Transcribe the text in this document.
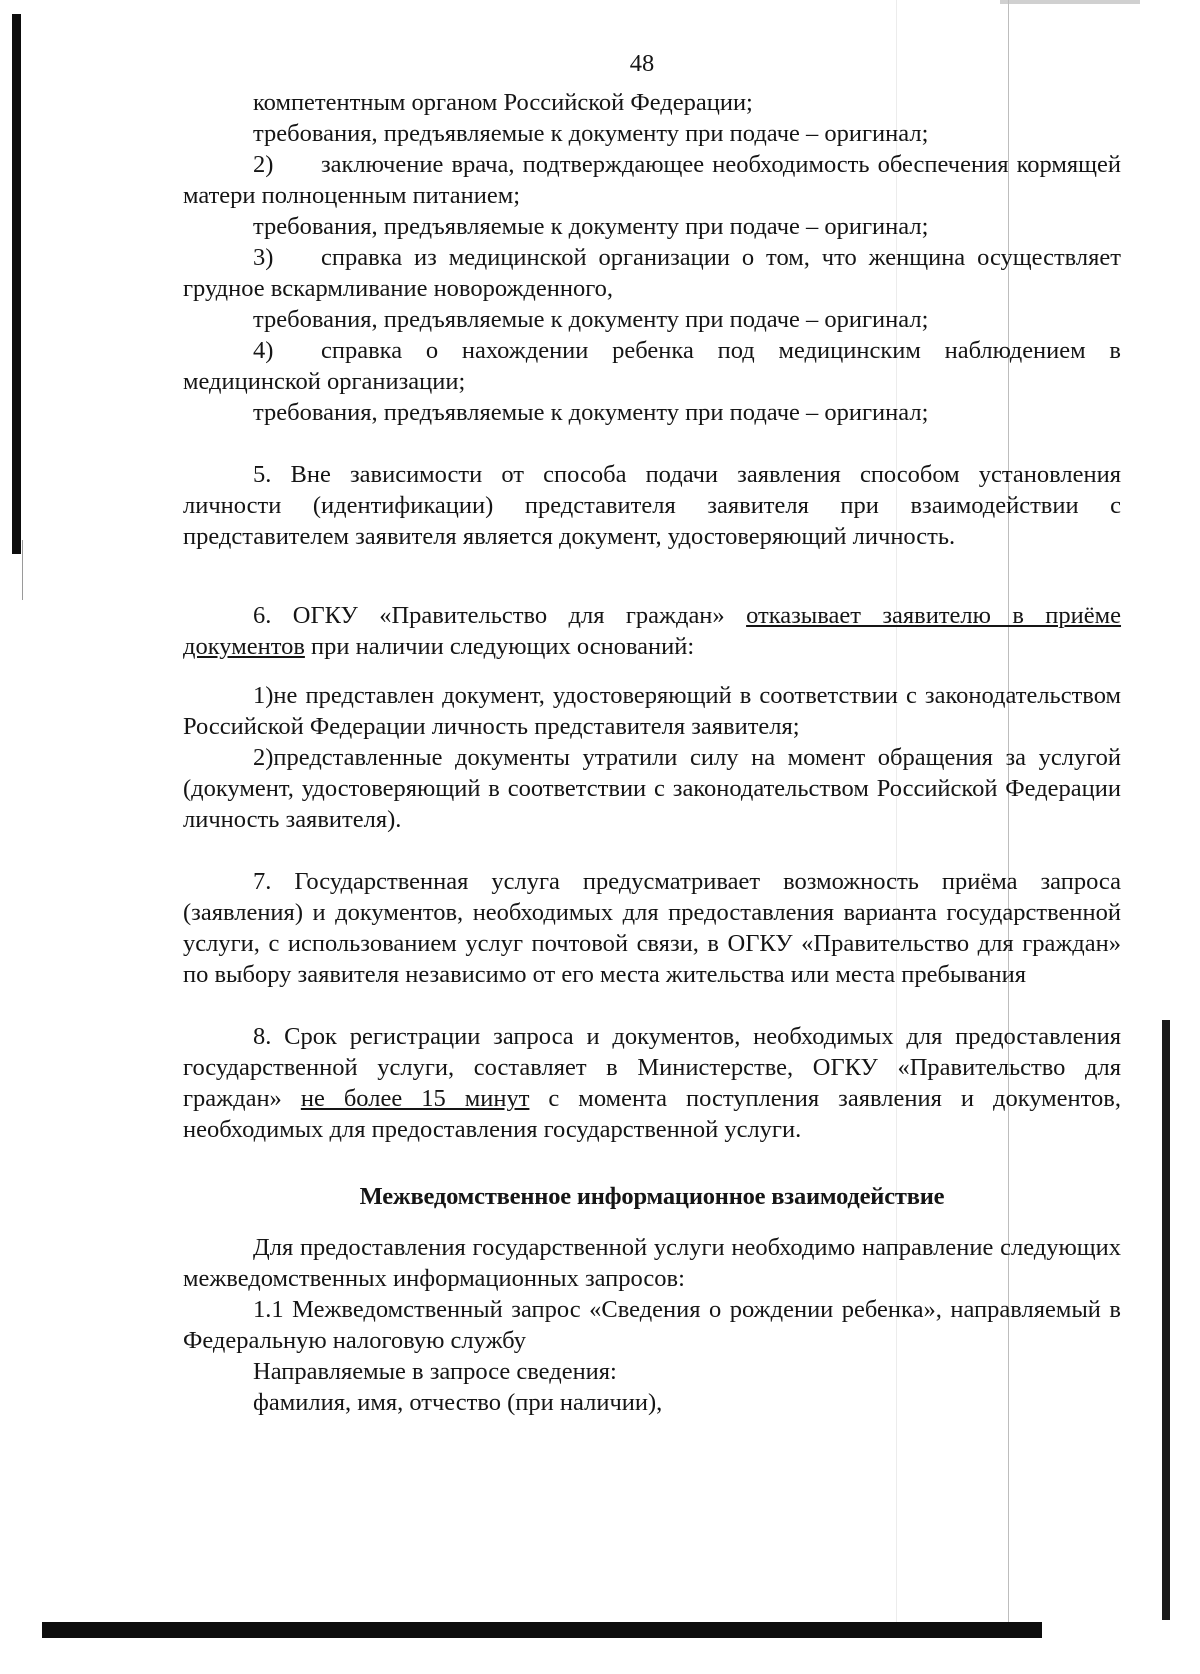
48

компетентным органом Российской Федерации;

требования, предъявляемые к документу при подаче – оригинал;

2) заключение врача, подтверждающее необходимость обеспечения кормящей матери полноценным питанием;

требования, предъявляемые к документу при подаче – оригинал;

3) справка из медицинской организации о том, что женщина осуществляет грудное вскармливание новорожденного,

требования, предъявляемые к документу при подаче – оригинал;

4) справка о нахождении ребенка под медицинским наблюдением в медицинской организации;

требования, предъявляемые к документу при подаче – оригинал;

5. Вне зависимости от способа подачи заявления способом установления личности (идентификации) представителя заявителя при взаимодействии с представителем заявителя является документ, удостоверяющий личность.

6. ОГКУ «Правительство для граждан» отказывает заявителю в приёме документов при наличии следующих оснований:

1)не представлен документ, удостоверяющий в соответствии с законодательством Российской Федерации личность представителя заявителя;

2)представленные документы утратили силу на момент обращения за услугой (документ, удостоверяющий в соответствии с законодательством Российской Федерации личность заявителя).

7. Государственная услуга предусматривает возможность приёма запроса (заявления) и документов, необходимых для предоставления варианта государственной услуги, с использованием услуг почтовой связи, в ОГКУ «Правительство для граждан» по выбору заявителя независимо от его места жительства или места пребывания

8. Срок регистрации запроса и документов, необходимых для предоставления государственной услуги, составляет в Министерстве, ОГКУ «Правительство для граждан» не более 15 минут с момента поступления заявления и документов, необходимых для предоставления государственной услуги.

Межведомственное информационное взаимодействие

Для предоставления государственной услуги необходимо направление следующих межведомственных информационных запросов:

1.1 Межведомственный запрос «Сведения о рождении ребенка», направляемый в Федеральную налоговую службу

Направляемые в запросе сведения:

фамилия, имя, отчество (при наличии),
